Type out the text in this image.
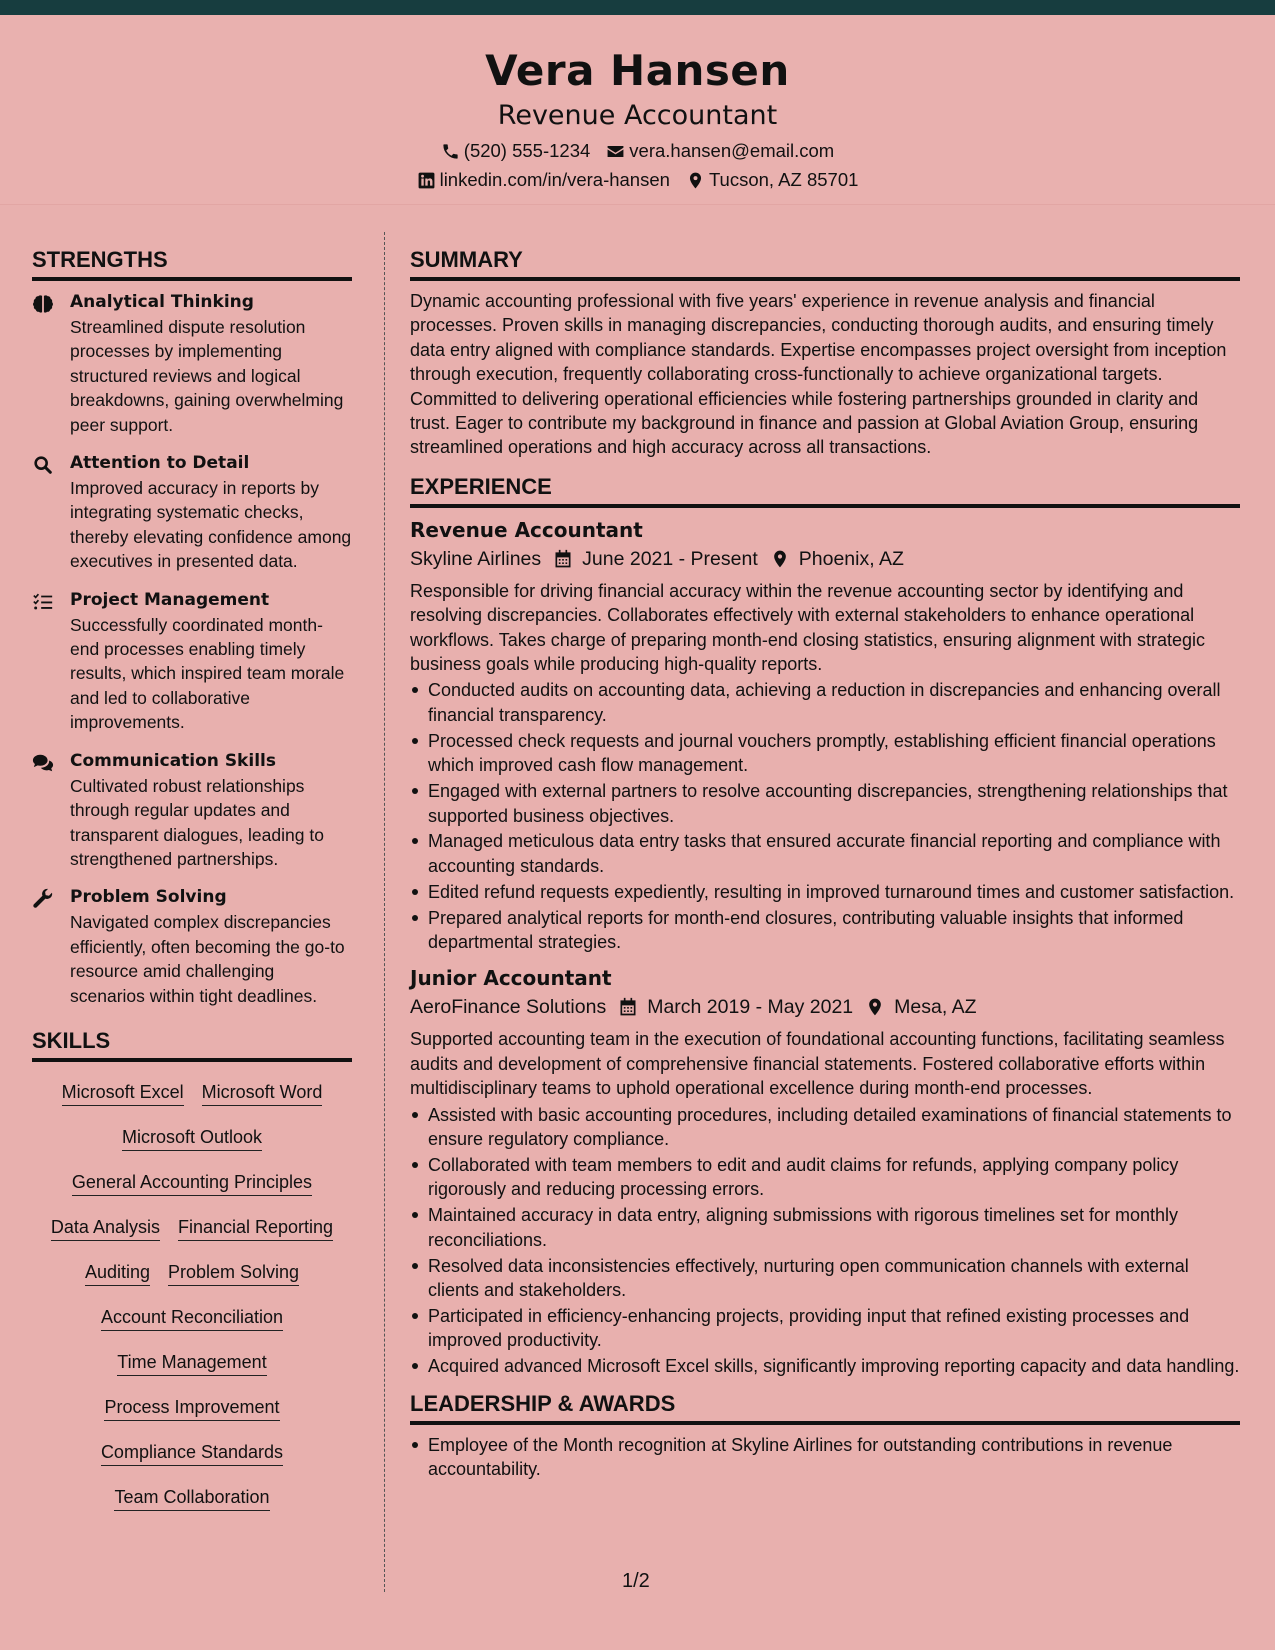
Vera Hansen
Revenue Accountant
(520) 555-1234 vera.hansen@email.com
linkedin.com/in/vera-hansen Tucson, AZ 85701
STRENGTHS
Analytical Thinking
Streamlined dispute resolution processes by implementing structured reviews and logical breakdowns, gaining overwhelming peer support.
Attention to Detail
Improved accuracy in reports by integrating systematic checks, thereby elevating confidence among executives in presented data.
Project Management
Successfully coordinated month-end processes enabling timely results, which inspired team morale and led to collaborative improvements.
Communication Skills
Cultivated robust relationships through regular updates and transparent dialogues, leading to strengthened partnerships.
Problem Solving
Navigated complex discrepancies efficiently, often becoming the go-to resource amid challenging scenarios within tight deadlines.
SKILLS
Microsoft Excel Microsoft Word
Microsoft Outlook
General Accounting Principles
Data Analysis Financial Reporting
Auditing Problem Solving
Account Reconciliation
Time Management
Process Improvement
Compliance Standards
Team Collaboration
SUMMARY
Dynamic accounting professional with five years' experience in revenue analysis and financial processes. Proven skills in managing discrepancies, conducting thorough audits, and ensuring timely data entry aligned with compliance standards. Expertise encompasses project oversight from inception through execution, frequently collaborating cross-functionally to achieve organizational targets. Committed to delivering operational efficiencies while fostering partnerships grounded in clarity and trust. Eager to contribute my background in finance and passion at Global Aviation Group, ensuring streamlined operations and high accuracy across all transactions.
EXPERIENCE
Revenue Accountant
Skyline Airlines June 2021 - Present Phoenix, AZ
Responsible for driving financial accuracy within the revenue accounting sector by identifying and resolving discrepancies. Collaborates effectively with external stakeholders to enhance operational workflows. Takes charge of preparing month-end closing statistics, ensuring alignment with strategic business goals while producing high-quality reports.
Conducted audits on accounting data, achieving a reduction in discrepancies and enhancing overall financial transparency.
Processed check requests and journal vouchers promptly, establishing efficient financial operations which improved cash flow management.
Engaged with external partners to resolve accounting discrepancies, strengthening relationships that supported business objectives.
Managed meticulous data entry tasks that ensured accurate financial reporting and compliance with accounting standards.
Edited refund requests expediently, resulting in improved turnaround times and customer satisfaction.
Prepared analytical reports for month-end closures, contributing valuable insights that informed departmental strategies.
Junior Accountant
AeroFinance Solutions March 2019 - May 2021 Mesa, AZ
Supported accounting team in the execution of foundational accounting functions, facilitating seamless audits and development of comprehensive financial statements. Fostered collaborative efforts within multidisciplinary teams to uphold operational excellence during month-end processes.
Assisted with basic accounting procedures, including detailed examinations of financial statements to ensure regulatory compliance.
Collaborated with team members to edit and audit claims for refunds, applying company policy rigorously and reducing processing errors.
Maintained accuracy in data entry, aligning submissions with rigorous timelines set for monthly reconciliations.
Resolved data inconsistencies effectively, nurturing open communication channels with external clients and stakeholders.
Participated in efficiency-enhancing projects, providing input that refined existing processes and improved productivity.
Acquired advanced Microsoft Excel skills, significantly improving reporting capacity and data handling.
LEADERSHIP & AWARDS
Employee of the Month recognition at Skyline Airlines for outstanding contributions in revenue accountability.
1/2
